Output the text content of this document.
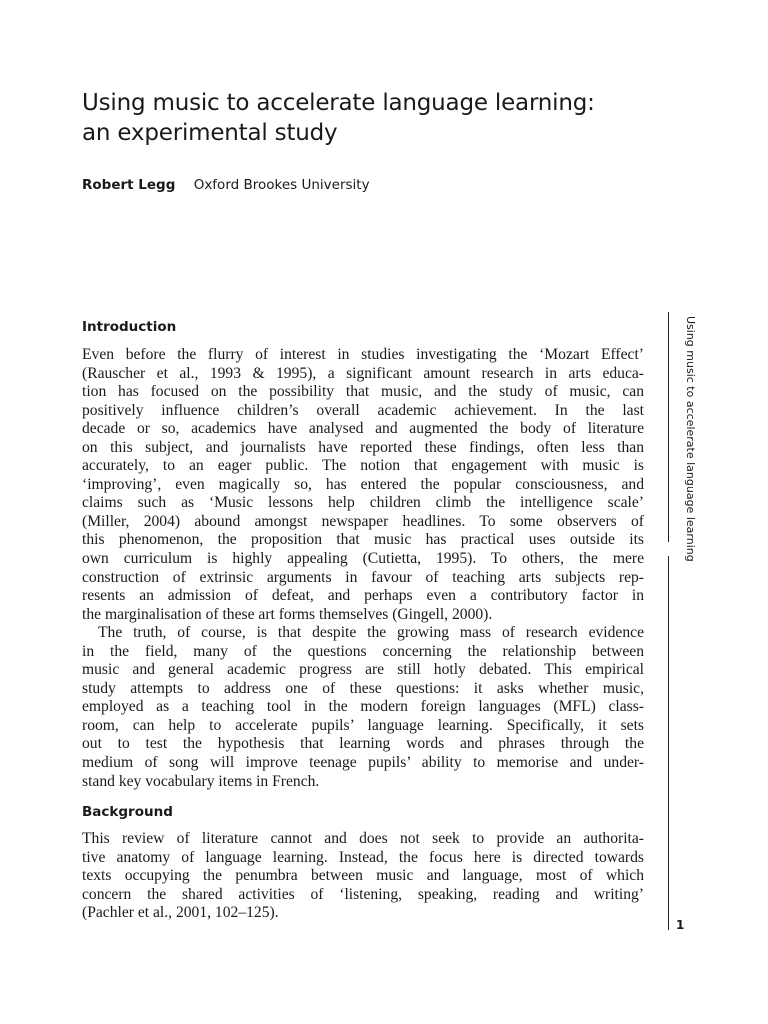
Using music to accelerate language learning:
an experimental study
Robert Legg Oxford Brookes University
Using music to accelerate language learning
1
Introduction

Even before the flurry of interest in studies investigating the ‘Mozart Effect’
(Rauscher et al., 1993 & 1995), a significant amount research in arts educa-
tion has focused on the possibility that music, and the study of music, can
positively influence children’s overall academic achievement. In the last
decade or so, academics have analysed and augmented the body of literature
on this subject, and journalists have reported these findings, often less than
accurately, to an eager public. The notion that engagement with music is
‘improving’, even magically so, has entered the popular consciousness, and
claims such as ‘Music lessons help children climb the intelligence scale’
(Miller, 2004) abound amongst newspaper headlines. To some observers of
this phenomenon, the proposition that music has practical uses outside its
own curriculum is highly appealing (Cutietta, 1995). To others, the mere
construction of extrinsic arguments in favour of teaching arts subjects rep-
resents an admission of defeat, and perhaps even a contributory factor in
the marginalisation of these art forms themselves (Gingell, 2000).

The truth, of course, is that despite the growing mass of research evidence
in the field, many of the questions concerning the relationship between
music and general academic progress are still hotly debated. This empirical
study attempts to address one of these questions: it asks whether music,
employed as a teaching tool in the modern foreign languages (MFL) class-
room, can help to accelerate pupils’ language learning. Specifically, it sets
out to test the hypothesis that learning words and phrases through the
medium of song will improve teenage pupils’ ability to memorise and under-
stand key vocabulary items in French.

Background

This review of literature cannot and does not seek to provide an authorita-
tive anatomy of language learning. Instead, the focus here is directed towards
texts occupying the penumbra between music and language, most of which
concern the shared activities of ‘listening, speaking, reading and writing’
(Pachler et al., 2001, 102–125).
